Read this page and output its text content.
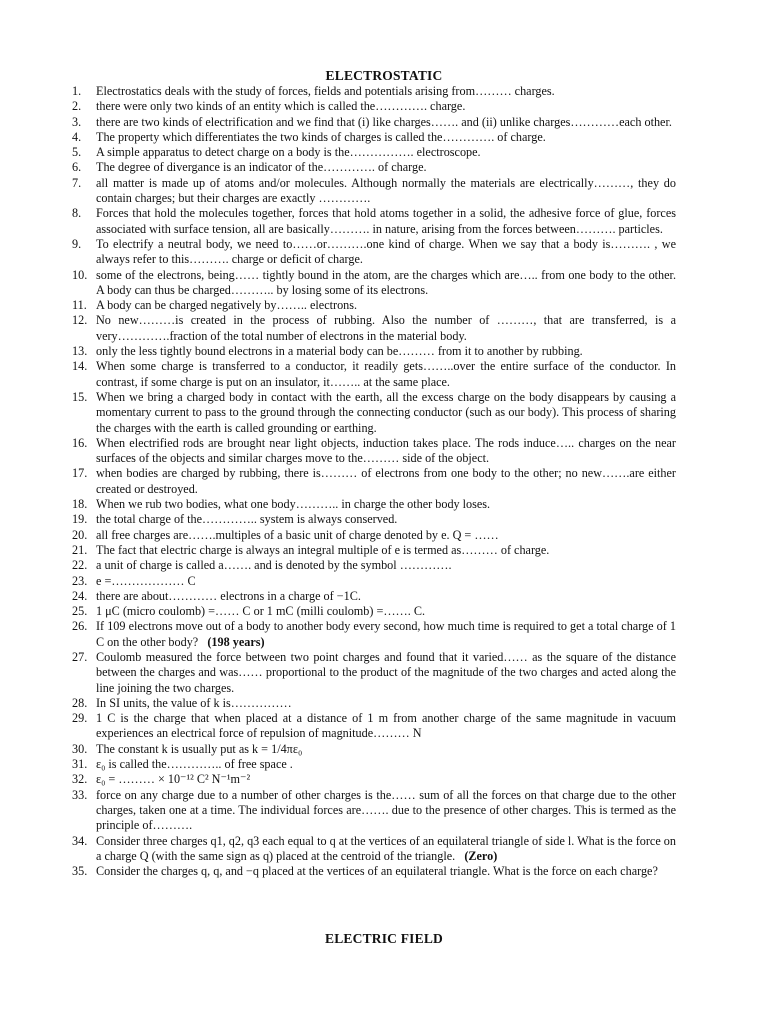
ELECTROSTATIC
1. Electrostatics deals with the study of forces, fields and potentials arising from……… charges.
2. there were only two kinds of an entity which is called the…………. charge.
3. there are two kinds of electrification and we find that (i) like charges……. and (ii) unlike charges…………each other.
4. The property which differentiates the two kinds of charges is called the…………. of charge.
5. A simple apparatus to detect charge on a body is the……………. electroscope.
6. The degree of divergance is an indicator of the…………. of charge.
7. all matter is made up of atoms and/or molecules. Although normally the materials are electrically………, they do contain charges; but their charges are exactly ………….
8. Forces that hold the molecules together, forces that hold atoms together in a solid, the adhesive force of glue, forces associated with surface tension, all are basically………. in nature, arising from the forces between………. particles.
9. To electrify a neutral body, we need to……or……….one kind of charge. When we say that a body is………. , we always refer to this………. charge or deficit of charge.
10. some of the electrons, being…… tightly bound in the atom, are the charges which are….. from one body to the other. A body can thus be charged……….. by losing some of its electrons.
11. A body can be charged negatively by…….. electrons.
12. No new………is created in the process of rubbing. Also the number of ………, that are transferred, is a very………….fraction of the total number of electrons in the material body.
13. only the less tightly bound electrons in a material body can be……… from it to another by rubbing.
14. When some charge is transferred to a conductor, it readily gets……..over the entire surface of the conductor. In contrast, if some charge is put on an insulator, it…….. at the same place.
15. When we bring a charged body in contact with the earth, all the excess charge on the body disappears by causing a momentary current to pass to the ground through the connecting conductor (such as our body). This process of sharing the charges with the earth is called grounding or earthing.
16. When electrified rods are brought near light objects, induction takes place. The rods induce….. charges on the near surfaces of the objects and similar charges move to the……… side of the object.
17. when bodies are charged by rubbing, there is……… of electrons from one body to the other; no new…….are either created or destroyed.
18. When we rub two bodies, what one body……….. in charge the other body loses.
19. the total charge of the………….. system is always conserved.
20. all free charges are…….multiples of a basic unit of charge denoted by e. Q = ……
21. The fact that electric charge is always an integral multiple of e is termed as……… of charge.
22. a unit of charge is called a……. and is denoted by the symbol ………….
23. e =……………… C
24. there are about………… electrons in a charge of −1C.
25. 1 μC (micro coulomb) =…… C or 1 mC (milli coulomb) =……. C.
26. If 109 electrons move out of a body to another body every second, how much time is required to get a total charge of 1 C on the other body? (198 years)
27. Coulomb measured the force between two point charges and found that it varied…… as the square of the distance between the charges and was…… proportional to the product of the magnitude of the two charges and acted along the line joining the two charges.
28. In SI units, the value of k is……………
29. 1 C is the charge that when placed at a distance of 1 m from another charge of the same magnitude in vacuum experiences an electrical force of repulsion of magnitude……… N
30. The constant k is usually put as k = 1/4πε₀
31. ε₀ is called the………….. of free space .
32. ε₀ = ……… × 10⁻¹² C² N⁻¹m⁻²
33. force on any charge due to a number of other charges is the…… sum of all the forces on that charge due to the other charges, taken one at a time. The individual forces are……. due to the presence of other charges. This is termed as the principle of……….
34. Consider three charges q1, q2, q3 each equal to q at the vertices of an equilateral triangle of side l. What is the force on a charge Q (with the same sign as q) placed at the centroid of the triangle. (Zero)
35. Consider the charges q, q, and −q placed at the vertices of an equilateral triangle. What is the force on each charge?
ELECTRIC FIELD
